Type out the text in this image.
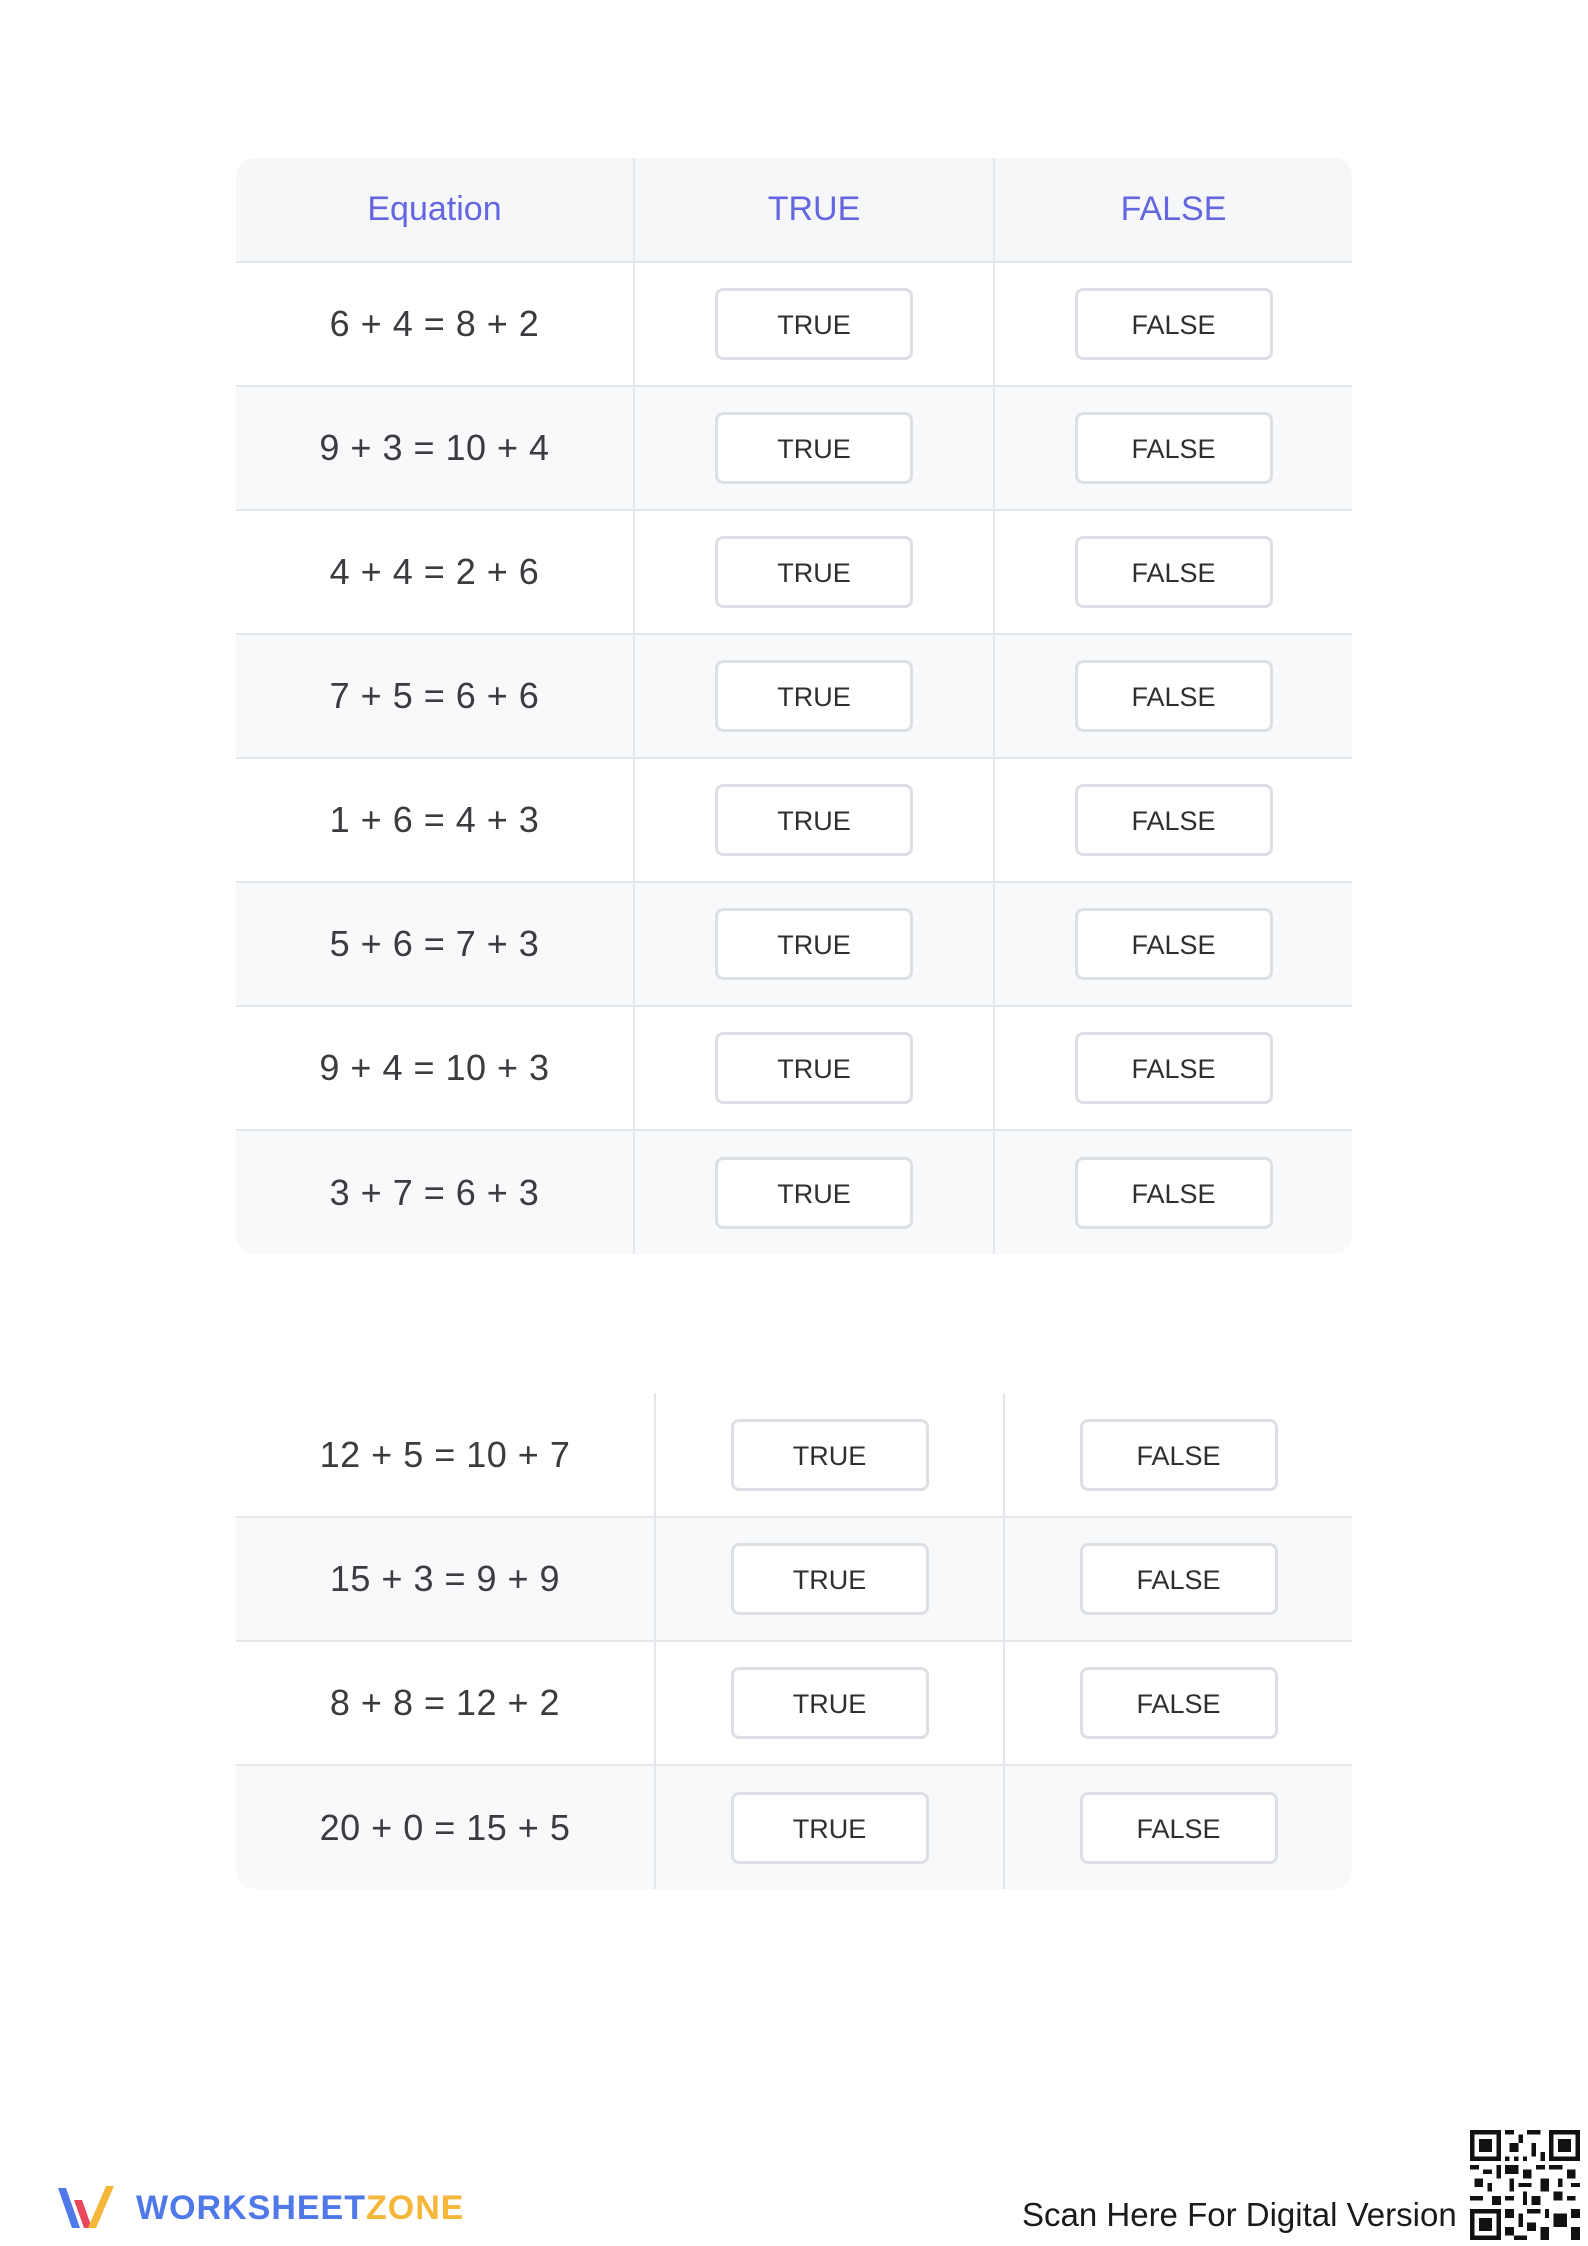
Equation	TRUE	FALSE
6 + 4 = 8 + 2	TRUE	FALSE
9 + 3 = 10 + 4	TRUE	FALSE
4 + 4 = 2 + 6	TRUE	FALSE
7 + 5 = 6 + 6	TRUE	FALSE
1 + 6 = 4 + 3	TRUE	FALSE
5 + 6 = 7 + 3	TRUE	FALSE
9 + 4 = 10 + 3	TRUE	FALSE
3 + 7 = 6 + 3	TRUE	FALSE
12 + 5 = 10 + 7	TRUE	FALSE
15 + 3 = 9 + 9	TRUE	FALSE
8 + 8 = 12 + 2	TRUE	FALSE
20 + 0 = 15 + 5	TRUE	FALSE
WORKSHEETZONE	Scan Here For Digital Version
